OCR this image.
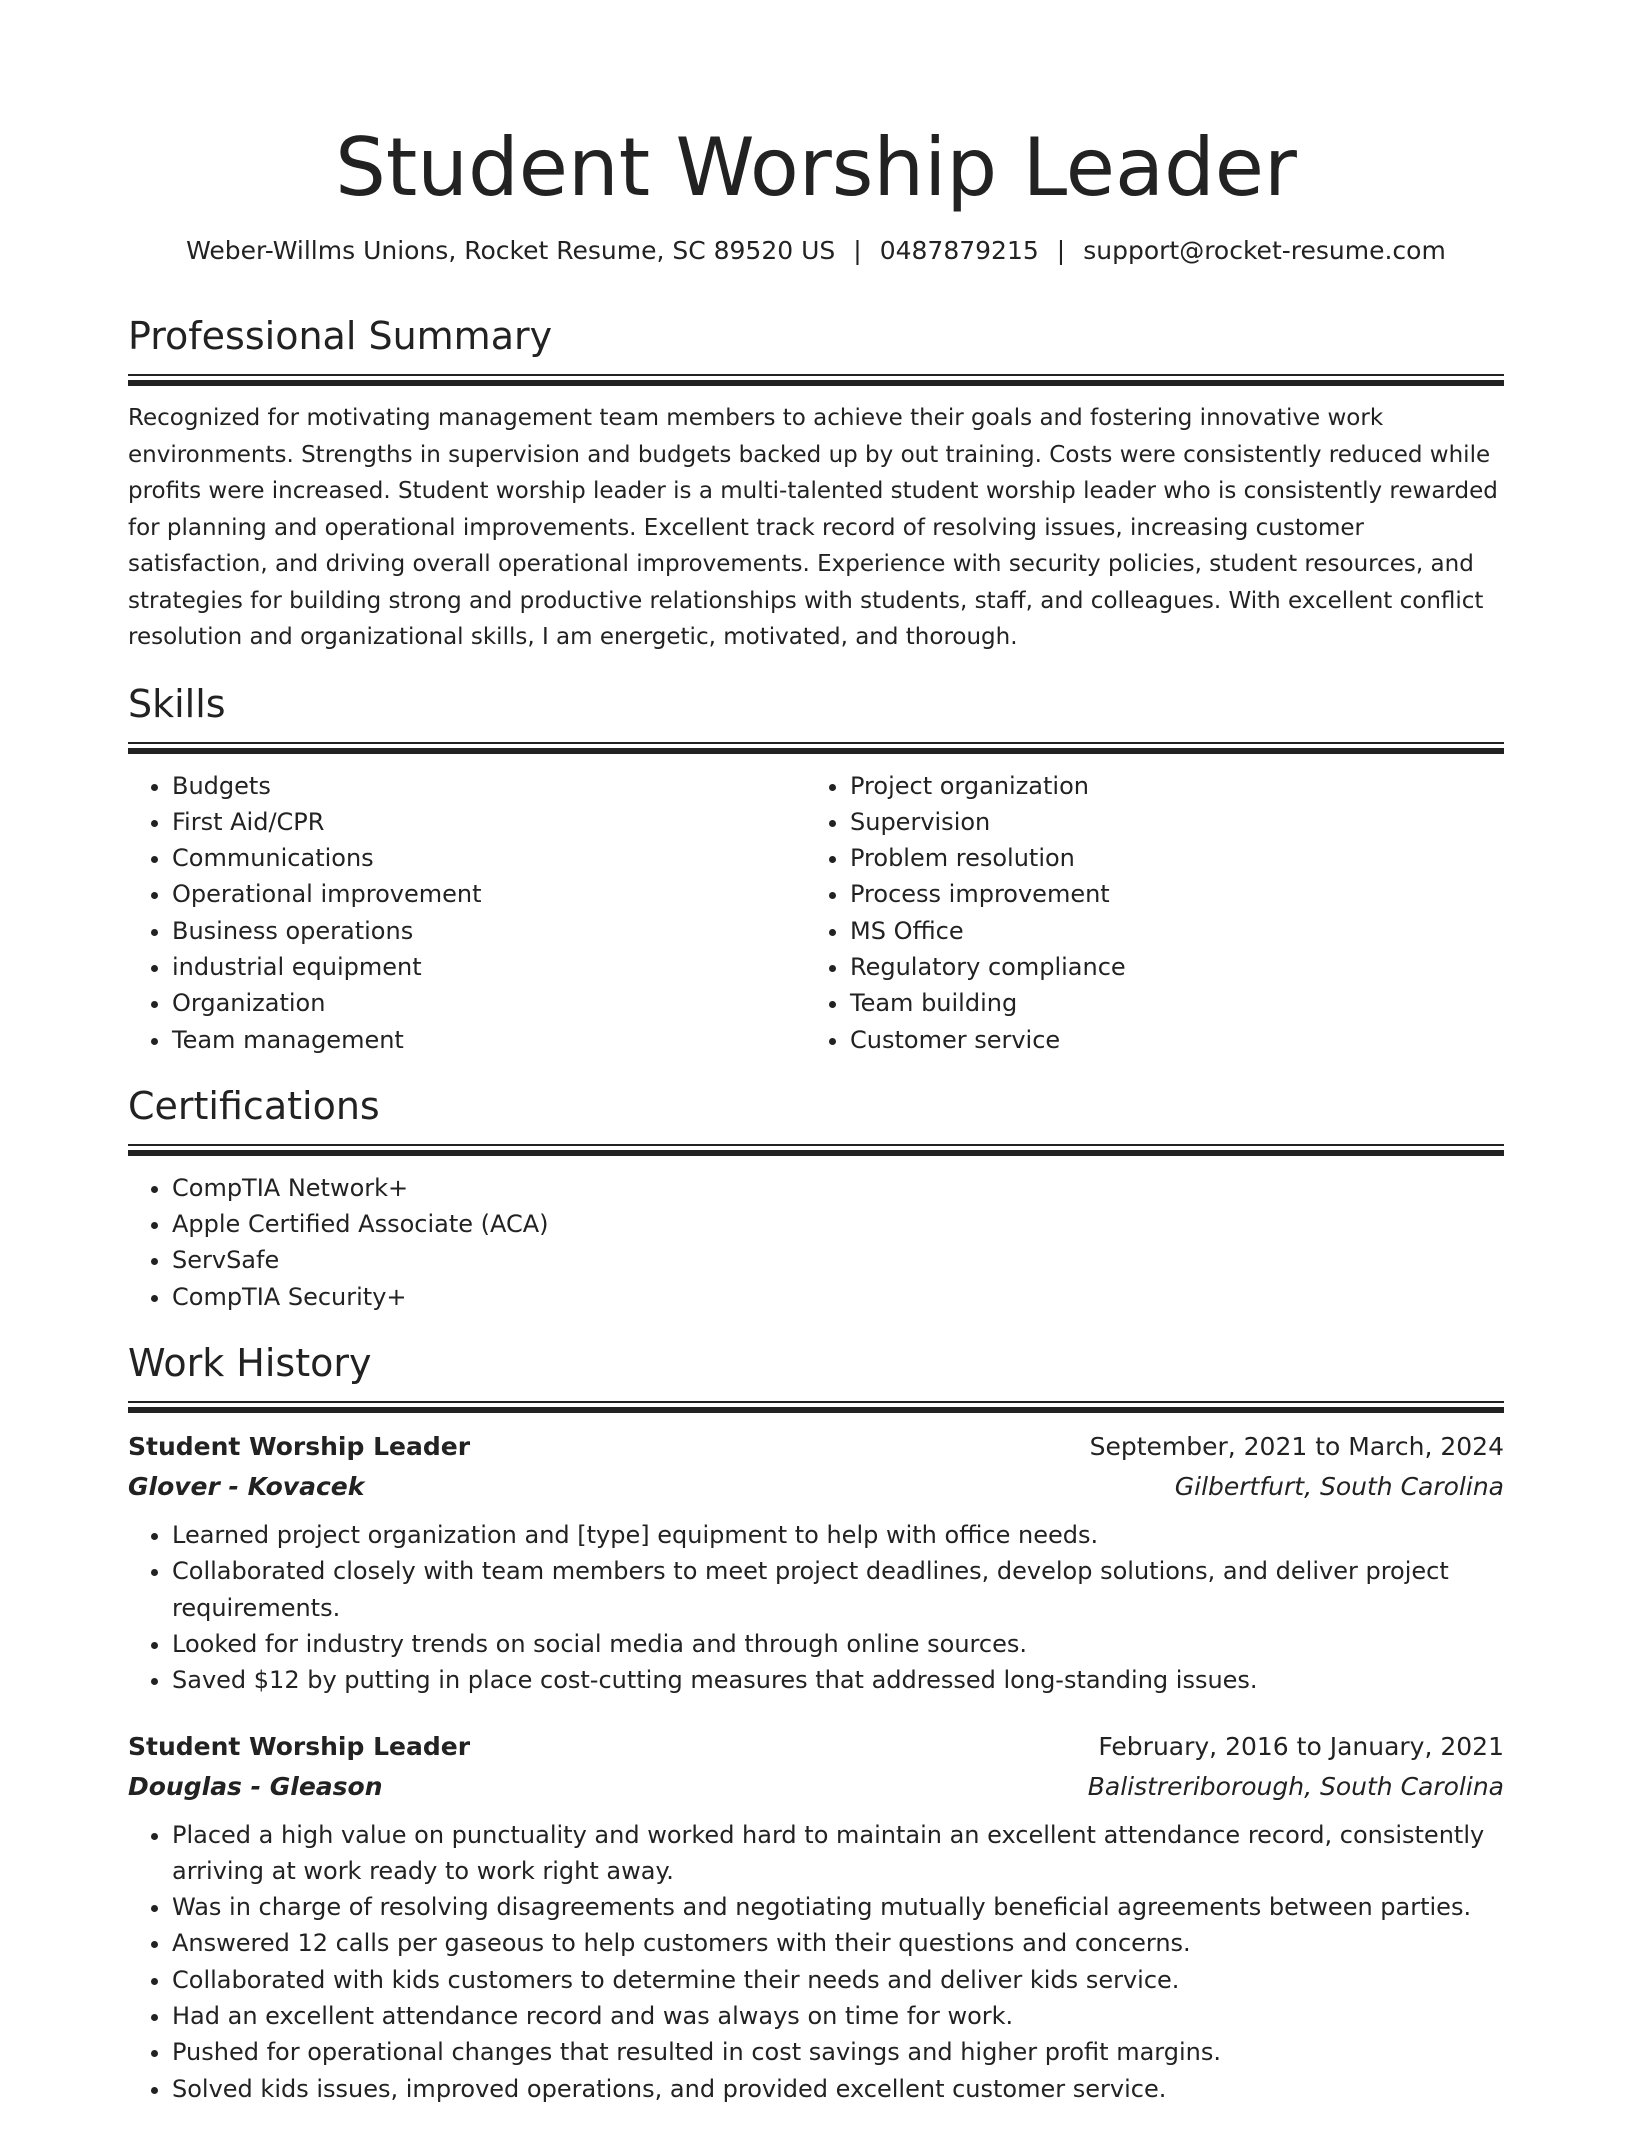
Student Worship Leader
Weber-Willms Unions, Rocket Resume, SC 89520 US | 0487879215 | support@rocket-resume.com
Professional Summary

Recognized for motivating management team members to achieve their goals and fostering innovative work environments. Strengths in supervision and budgets backed up by out training. Costs were consistently reduced while profits were increased. Student worship leader is a multi-talented student worship leader who is consistently rewarded for planning and operational improvements. Excellent track record of resolving issues, increasing customer satisfaction, and driving overall operational improvements. Experience with security policies, student resources, and strategies for building strong and productive relationships with students, staff, and colleagues. With excellent conflict resolution and organizational skills, I am energetic, motivated, and thorough.

Skills
• Budgets
• First Aid/CPR
• Communications
• Operational improvement
• Business operations
• industrial equipment
• Organization
• Team management
• Project organization
• Supervision
• Problem resolution
• Process improvement
• MS Office
• Regulatory compliance
• Team building
• Customer service
Certifications
• CompTIA Network+
• Apple Certified Associate (ACA)
• ServSafe
• CompTIA Security+
Work History
Student Worship Leader	September, 2021 to March, 2024
Glover - Kovacek	Gilbertfurt, South Carolina
• Learned project organization and [type] equipment to help with office needs.
• Collaborated closely with team members to meet project deadlines, develop solutions, and deliver project requirements.
• Looked for industry trends on social media and through online sources.
• Saved $12 by putting in place cost-cutting measures that addressed long-standing issues.
Student Worship Leader	February, 2016 to January, 2021
Douglas - Gleason	Balistreriborough, South Carolina
• Placed a high value on punctuality and worked hard to maintain an excellent attendance record, consistently arriving at work ready to work right away.
• Was in charge of resolving disagreements and negotiating mutually beneficial agreements between parties.
• Answered 12 calls per gaseous to help customers with their questions and concerns.
• Collaborated with kids customers to determine their needs and deliver kids service.
• Had an excellent attendance record and was always on time for work.
• Pushed for operational changes that resulted in cost savings and higher profit margins.
• Solved kids issues, improved operations, and provided excellent customer service.
